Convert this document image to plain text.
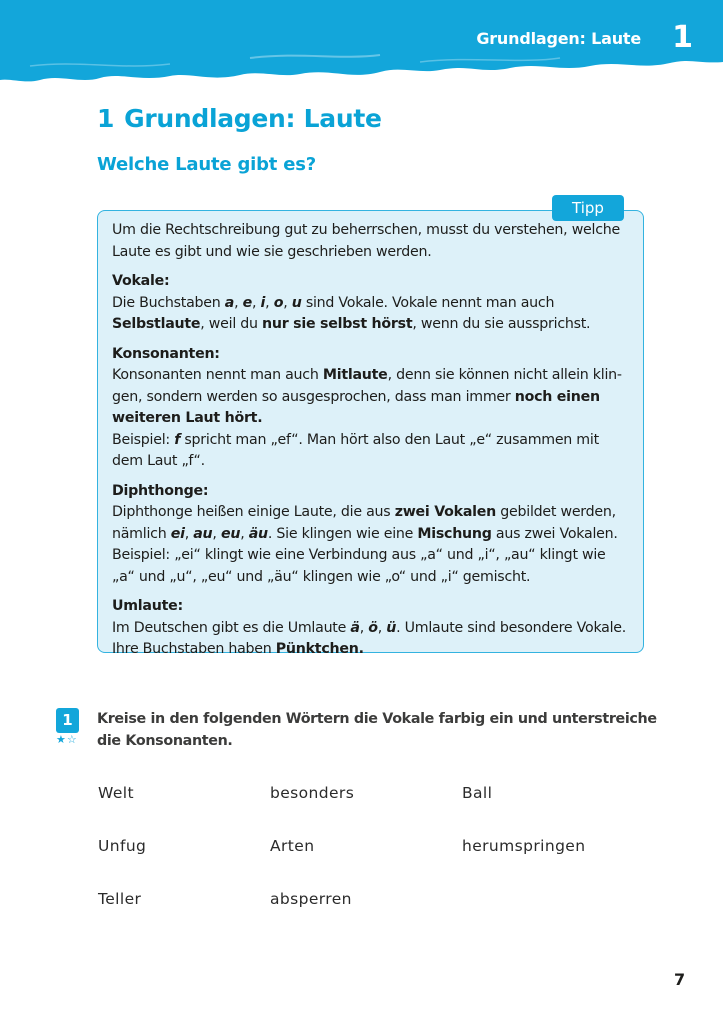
Grundlagen: Laute 1
1 Grundlagen: Laute
Welche Laute gibt es?

Um die Rechtschreibung gut zu beherrschen, musst du verstehen, welche Laute es gibt und wie sie geschrieben werden.

Vokale:
Die Buchstaben a, e, i, o, u sind Vokale. Vokale nennt man auch Selbstlaute, weil du nur sie selbst hörst, wenn du sie aussprichst.

Konsonanten:
Konsonanten nennt man auch Mitlaute, denn sie können nicht allein klingen, sondern werden so ausgesprochen, dass man immer noch einen weiteren Laut hört.
Beispiel: f spricht man „ef“. Man hört also den Laut „e“ zusammen mit dem Laut „f“.

Diphthonge:
Diphthonge heißen einige Laute, die aus zwei Vokalen gebildet werden, nämlich ei, au, eu, äu. Sie klingen wie eine Mischung aus zwei Vokalen.
Beispiel: „ei“ klingt wie eine Verbindung aus „a“ und „i“, „au“ klingt wie „a“ und „u“, „eu“ und „äu“ klingen wie „o“ und „i“ gemischt.

Umlaute:
Im Deutschen gibt es die Umlaute ä, ö, ü. Umlaute sind besondere Vokale. Ihre Buchstaben haben Pünktchen.

Tipp
1
★☆
Kreise in den folgenden Wörtern die Vokale farbig ein und unterstreiche die Konsonanten.
Welt	besonders	Ball
Unfug	Arten	herumspringen
Teller	absperren
7
